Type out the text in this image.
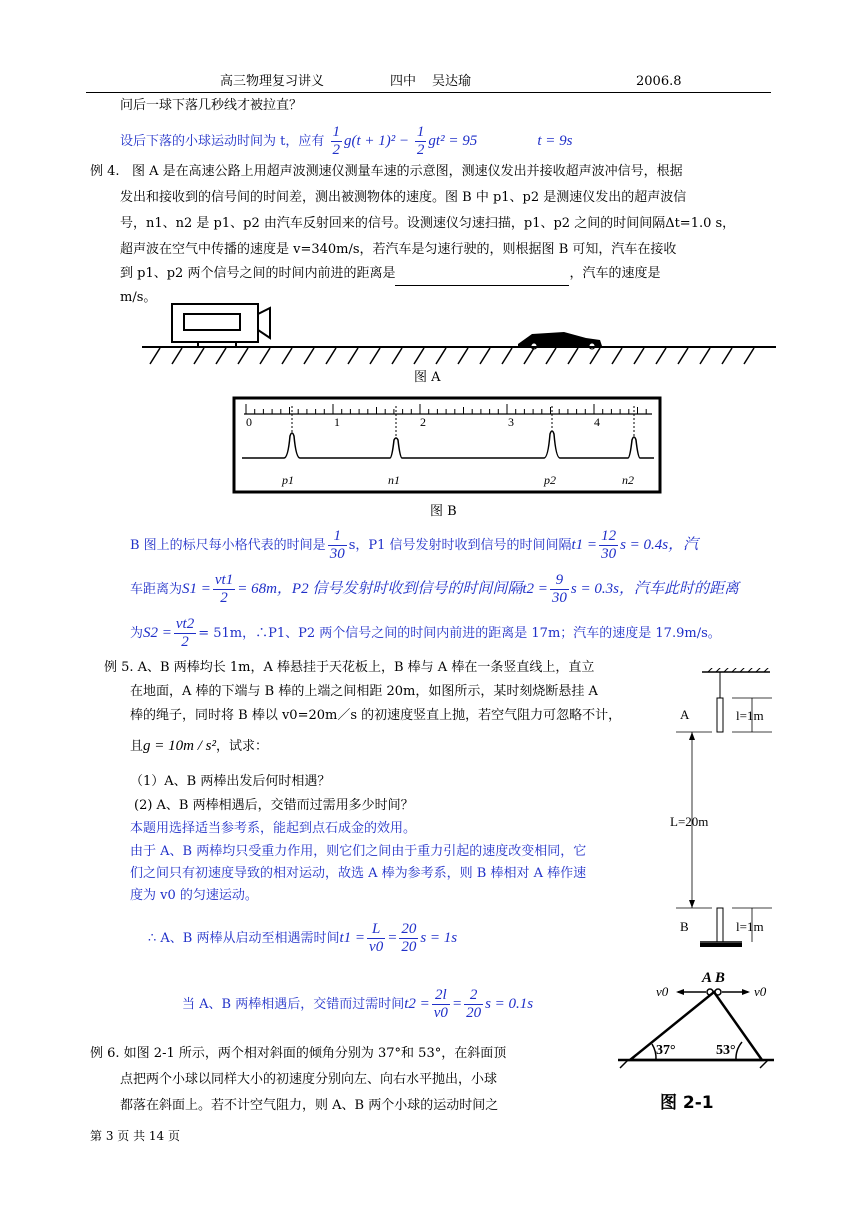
高三物理复习讲义	四中 吴达瑜	2006.8
问后一球下落几秒线才被拉直？
设后下落的小球运动时间为 t，应有 $\frac{1}{2} g(t + 1)^2 - \frac{1}{2} gt^2 = 95$	t = 9s
例 4. 图 A 是在高速公路上用超声波测速仪测量车速的示意图，测速仪发出并接收超声波冲信号，根据
发出和接收到的信号间的时间差，测出被测物体的速度。图 B 中 p1、p2 是测速仪发出的超声波信
号，n1、n2 是 p1、p2 由汽车反射回来的信号。设测速仪匀速扫描，p1、p2 之间的时间间隔Δt=1.0 s，
超声波在空气中传播的速度是 v=340m/s，若汽车是匀速行驶的，则根据图 B 可知，汽车在接收
到 p1、p2 两个信号之间的时间内前进的距离是	，汽车的速度是
m/s。
图 A
0	1	2	3	4
p1	n1	p2	n2
图 B
B 图上的标尺每小格代表的时间是 $\frac{1}{30}$ s，P1 信号发射时收到信号的时间间隔$t1 = \frac{12}{30}$ s = 0.4s，汽
车距离为$S1 = \frac{vt1}{2} = 68m$，P2 信号发射时收到信号的时间间隔$t2 = \frac{9}{30}$ s = 0.3s，汽车此时的距离
为$S2 = \frac{vt2}{2} = 51m$，∴P1、P2 两个信号之间的时间内前进的距离是 17m；汽车的速度是 17.9m/s。
例 5. A、B 两棒均长 1m，A 棒悬挂于天花板上，B 棒与 A 棒在一条竖直线上，直立
在地面，A 棒的下端与 B 棒的上端之间相距 20m，如图所示，某时刻烧断悬挂 A
棒的绳子，同时将 B 棒以 v0=20m／s 的初速度竖直上抛，若空气阻力可忽略不计，
且g = 10m / s²，试求：
（1）A、B 两棒出发后何时相遇？
(2) A、B 两棒相遇后，交错而过需用多少时间？
本题用选择适当参考系，能起到点石成金的效用。
由于 A、B 两棒均只受重力作用，则它们之间由于重力引起的速度改变相同，它
们之间只有初速度导致的相对运动，故选 A 棒为参考系，则 B 棒相对 A 棒作速
度为 v0 的匀速运动。
∴ A、B 两棒从启动至相遇需时间$t1 = \frac{L}{v0} = \frac{20}{20}$ s = 1s
当 A、B 两棒相遇后，交错而过需时间$t2 = \frac{2l}{v0} = \frac{2}{20}$ s = 0.1s
A	l=1m
L=20m
B	l=1m
例 6. 如图 2-1 所示，两个相对斜面的倾角分别为 37°和 53°，在斜面顶
点把两个小球以同样大小的初速度分别向左、向右水平抛出，小球
都落在斜面上。若不计空气阻力，则 A、B 两个小球的运动时间之
A B
v0	v0
37°	53°
图 2-1
第 3 页 共 14 页
